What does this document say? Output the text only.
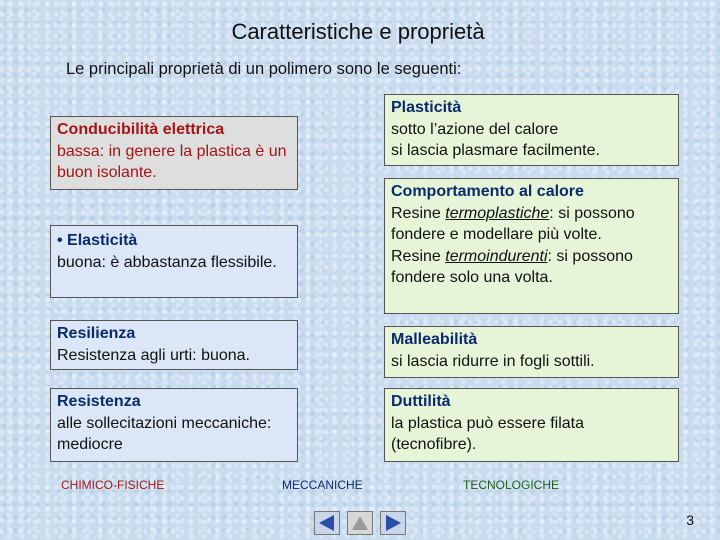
Caratteristiche e proprietà
Le principali proprietà di un polimero sono le seguenti:
Conducibilità elettrica
bassa: in genere la plastica è un buon isolante.
• Elasticità
buona: è abbastanza flessibile.
Resilienza
Resistenza agli urti: buona.
Resistenza
alle sollecitazioni meccaniche: mediocre
Plasticità
sotto l’azione del calore
si lascia plasmare facilmente.
Comportamento al calore
Resine termoplastiche: si possono fondere e modellare più volte.
Resine termoindurenti: si possono fondere solo una volta.
Malleabilità
si lascia ridurre in fogli sottili.
Duttilità
la plastica può essere filata (tecnofibre).
CHIMICO-FISICHE	MECCANICHE	TECNOLOGICHE
3
